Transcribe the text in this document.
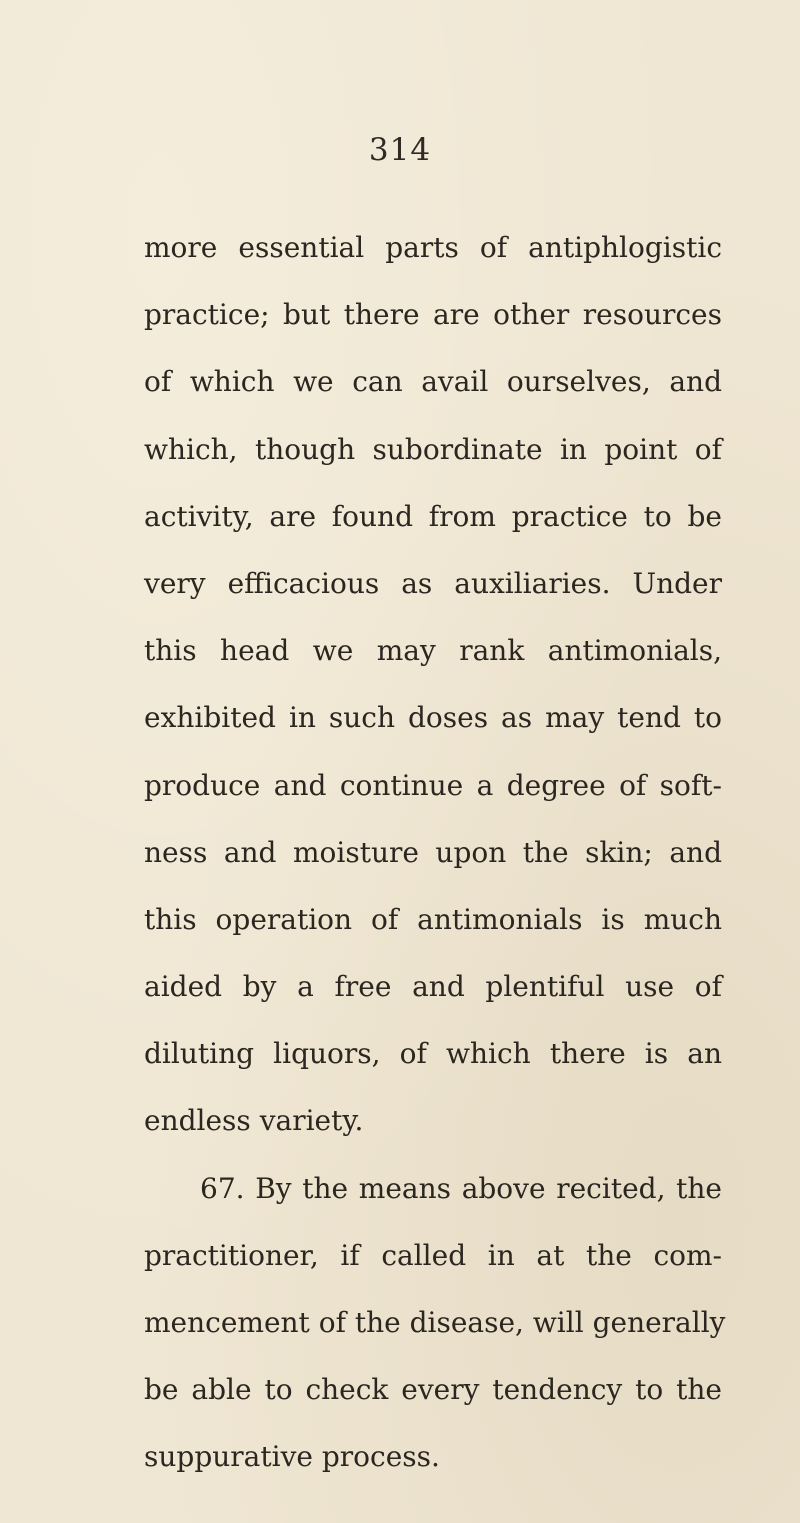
314
more essential parts of antiphlogistic
practice; but there are other resources
of which we can avail ourselves, and
which, though subordinate in point of
activity, are found from practice to be
very efficacious as auxiliaries. Under
this head we may rank antimonials,
exhibited in such doses as may tend to
produce and continue a degree of soft-
ness and moisture upon the skin; and
this operation of antimonials is much
aided by a free and plentiful use of
diluting liquors, of which there is an
endless variety.
67. By the means above recited, the
practitioner, if called in at the com-
mencement of the disease, will generally
be able to check every tendency to the
suppurative process.
